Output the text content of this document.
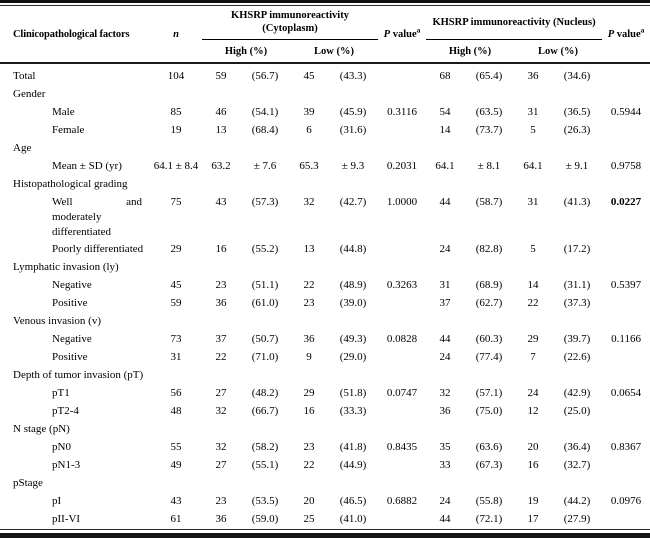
Clinicopathological factors	n	KHSRP immunoreactivity (Cytoplasm)				P value$^a$	KHSRP immunoreactivity (Nucleus)				P value$^a$
		High (%)		Low (%)			High (%)		Low (%)		
Total	104	59	(56.7)	45	(43.3)		68	(65.4)	36	(34.6)	
Gender											
Male	85	46	(54.1)	39	(45.9)	0.3116	54	(63.5)	31	(36.5)	0.5944
Female	19	13	(68.4)	6	(31.6)		14	(73.7)	5	(26.3)	
Age											
Mean ± SD (yr)	64.1 ± 8.4	63.2	± 7.6	65.3	± 9.3	0.2031	64.1	± 8.1	64.1	± 9.1	0.9758
Histopathological grading											
Well and moderately differentiated	75	43	(57.3)	32	(42.7)	1.0000	44	(58.7)	31	(41.3)	0.0227
Poorly differentiated	29	16	(55.2)	13	(44.8)		24	(82.8)	5	(17.2)	
Lymphatic invasion (ly)											
Negative	45	23	(51.1)	22	(48.9)	0.3263	31	(68.9)	14	(31.1)	0.5397
Positive	59	36	(61.0)	23	(39.0)		37	(62.7)	22	(37.3)	
Venous invasion (v)											
Negative	73	37	(50.7)	36	(49.3)	0.0828	44	(60.3)	29	(39.7)	0.1166
Positive	31	22	(71.0)	9	(29.0)		24	(77.4)	7	(22.6)	
Depth of tumor invasion (pT)											
pT1	56	27	(48.2)	29	(51.8)	0.0747	32	(57.1)	24	(42.9)	0.0654
pT2-4	48	32	(66.7)	16	(33.3)		36	(75.0)	12	(25.0)	
N stage (pN)											
pN0	55	32	(58.2)	23	(41.8)	0.8435	35	(63.6)	20	(36.4)	0.8367
pN1-3	49	27	(55.1)	22	(44.9)		33	(67.3)	16	(32.7)	
pStage											
pI	43	23	(53.5)	20	(46.5)	0.6882	24	(55.8)	19	(44.2)	0.0976
pII-VI	61	36	(59.0)	25	(41.0)		44	(72.1)	17	(27.9)	
